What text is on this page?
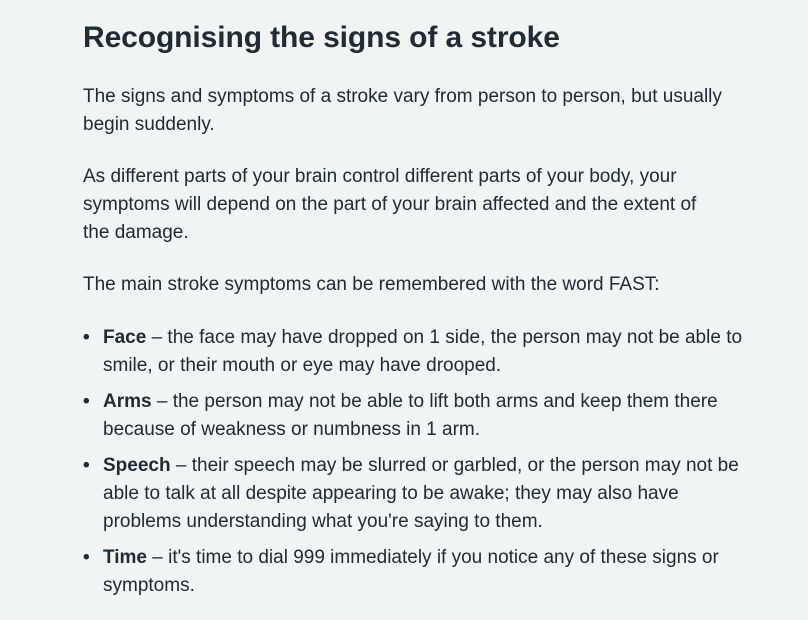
Recognising the signs of a stroke

The signs and symptoms of a stroke vary from person to person, but usually begin suddenly.

As different parts of your brain control different parts of your body, your symptoms will depend on the part of your brain affected and the extent of the damage.

The main stroke symptoms can be remembered with the word FAST:

• Face – the face may have dropped on 1 side, the person may not be able to smile, or their mouth or eye may have drooped.
• Arms – the person may not be able to lift both arms and keep them there because of weakness or numbness in 1 arm.
• Speech – their speech may be slurred or garbled, or the person may not be able to talk at all despite appearing to be awake; they may also have problems understanding what you're saying to them.
• Time – it's time to dial 999 immediately if you notice any of these signs or symptoms.
